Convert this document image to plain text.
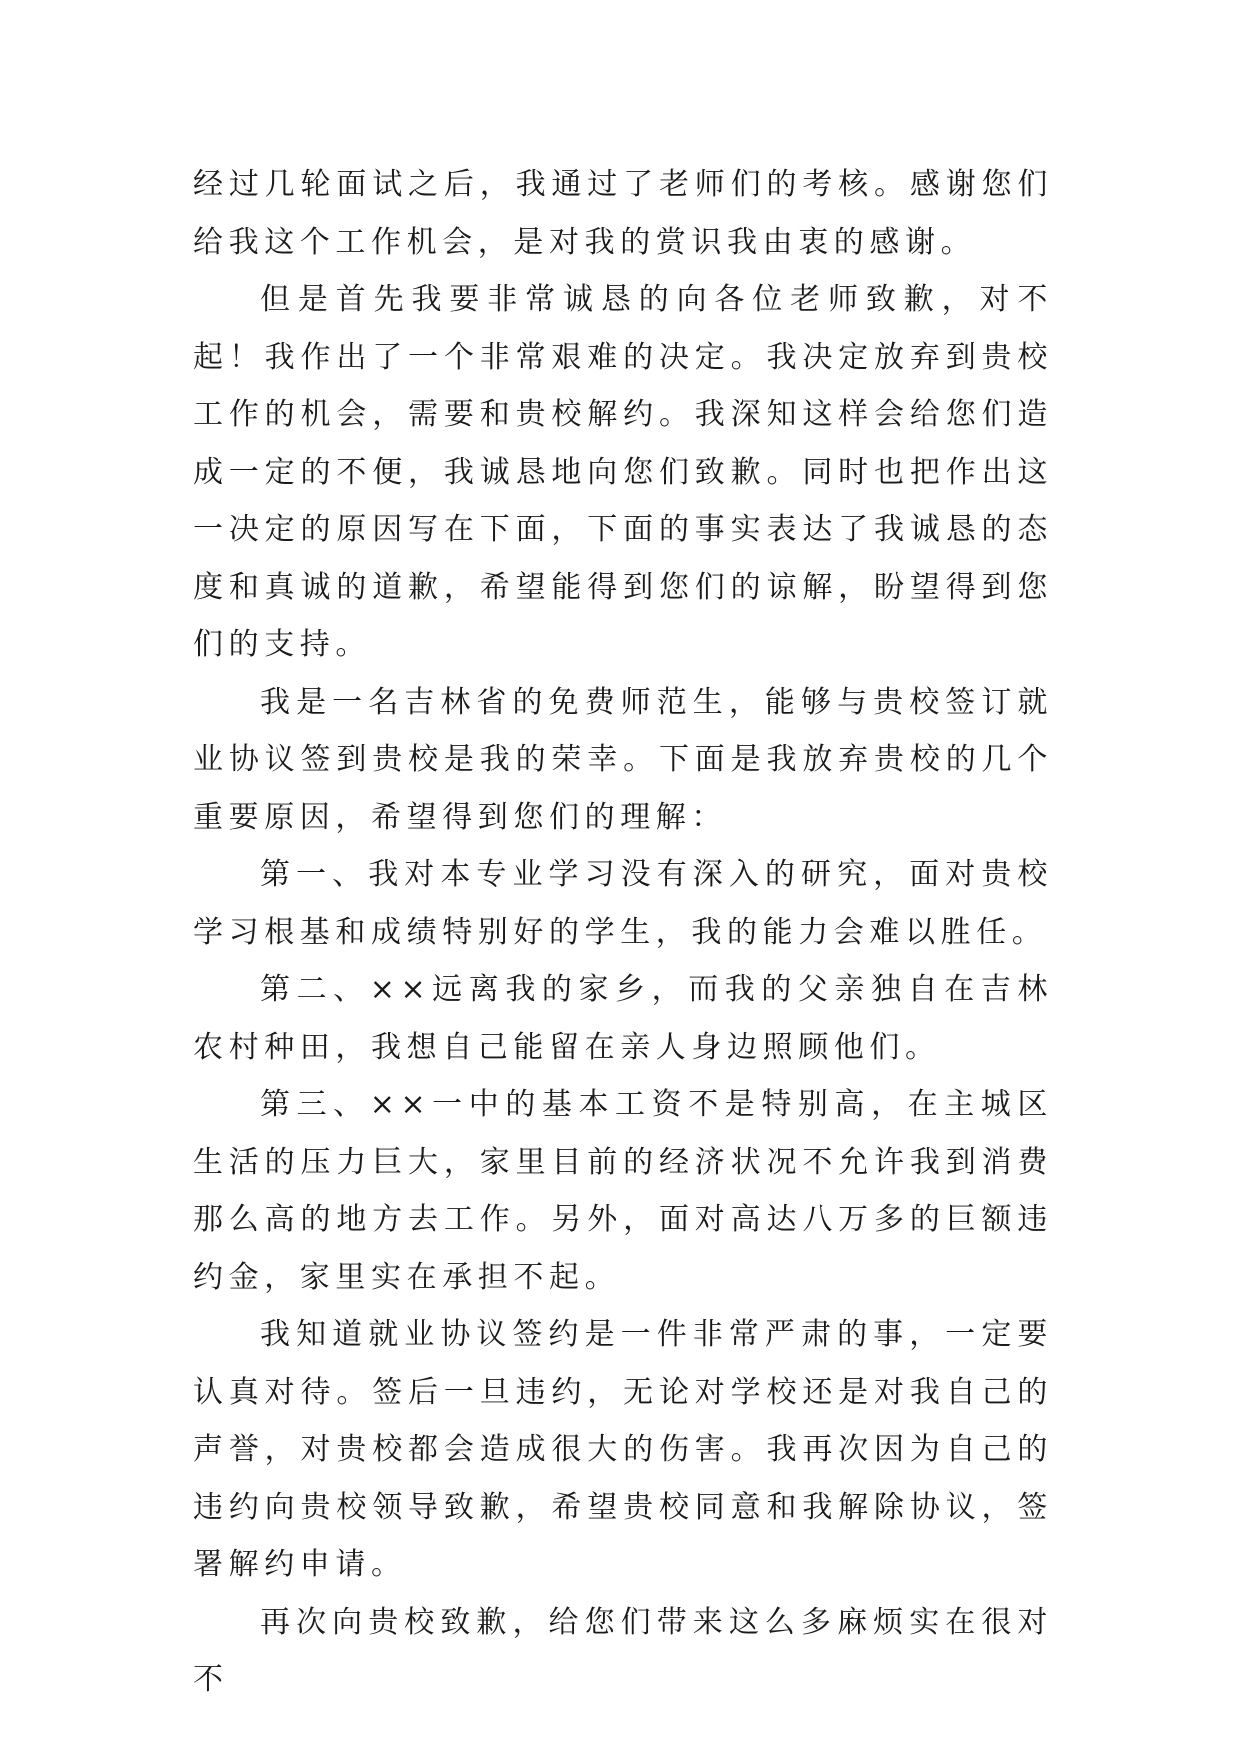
经过几轮面试之后，我通过了老师们的考核。感谢您们给我这个工作机会，是对我的赏识我由衷的感谢。

但是首先我要非常诚恳的向各位老师致歉，对不起！我作出了一个非常艰难的决定。我决定放弃到贵校工作的机会，需要和贵校解约。我深知这样会给您们造成一定的不便，我诚恳地向您们致歉。同时也把作出这一决定的原因写在下面，下面的事实表达了我诚恳的态度和真诚的道歉，希望能得到您们的谅解，盼望得到您们的支持。

我是一名吉林省的免费师范生，能够与贵校签订就业协议签到贵校是我的荣幸。下面是我放弃贵校的几个重要原因，希望得到您们的理解：

第一、我对本专业学习没有深入的研究，面对贵校学习根基和成绩特别好的学生，我的能力会难以胜任。

第二、××远离我的家乡，而我的父亲独自在吉林农村种田，我想自己能留在亲人身边照顾他们。

第三、××一中的基本工资不是特别高，在主城区生活的压力巨大，家里目前的经济状况不允许我到消费那么高的地方去工作。另外，面对高达八万多的巨额违约金，家里实在承担不起。

我知道就业协议签约是一件非常严肃的事，一定要认真对待。签后一旦违约，无论对学校还是对我自己的声誉，对贵校都会造成很大的伤害。我再次因为自己的违约向贵校领导致歉，希望贵校同意和我解除协议，签署解约申请。

再次向贵校致歉，给您们带来这么多麻烦实在很对不
